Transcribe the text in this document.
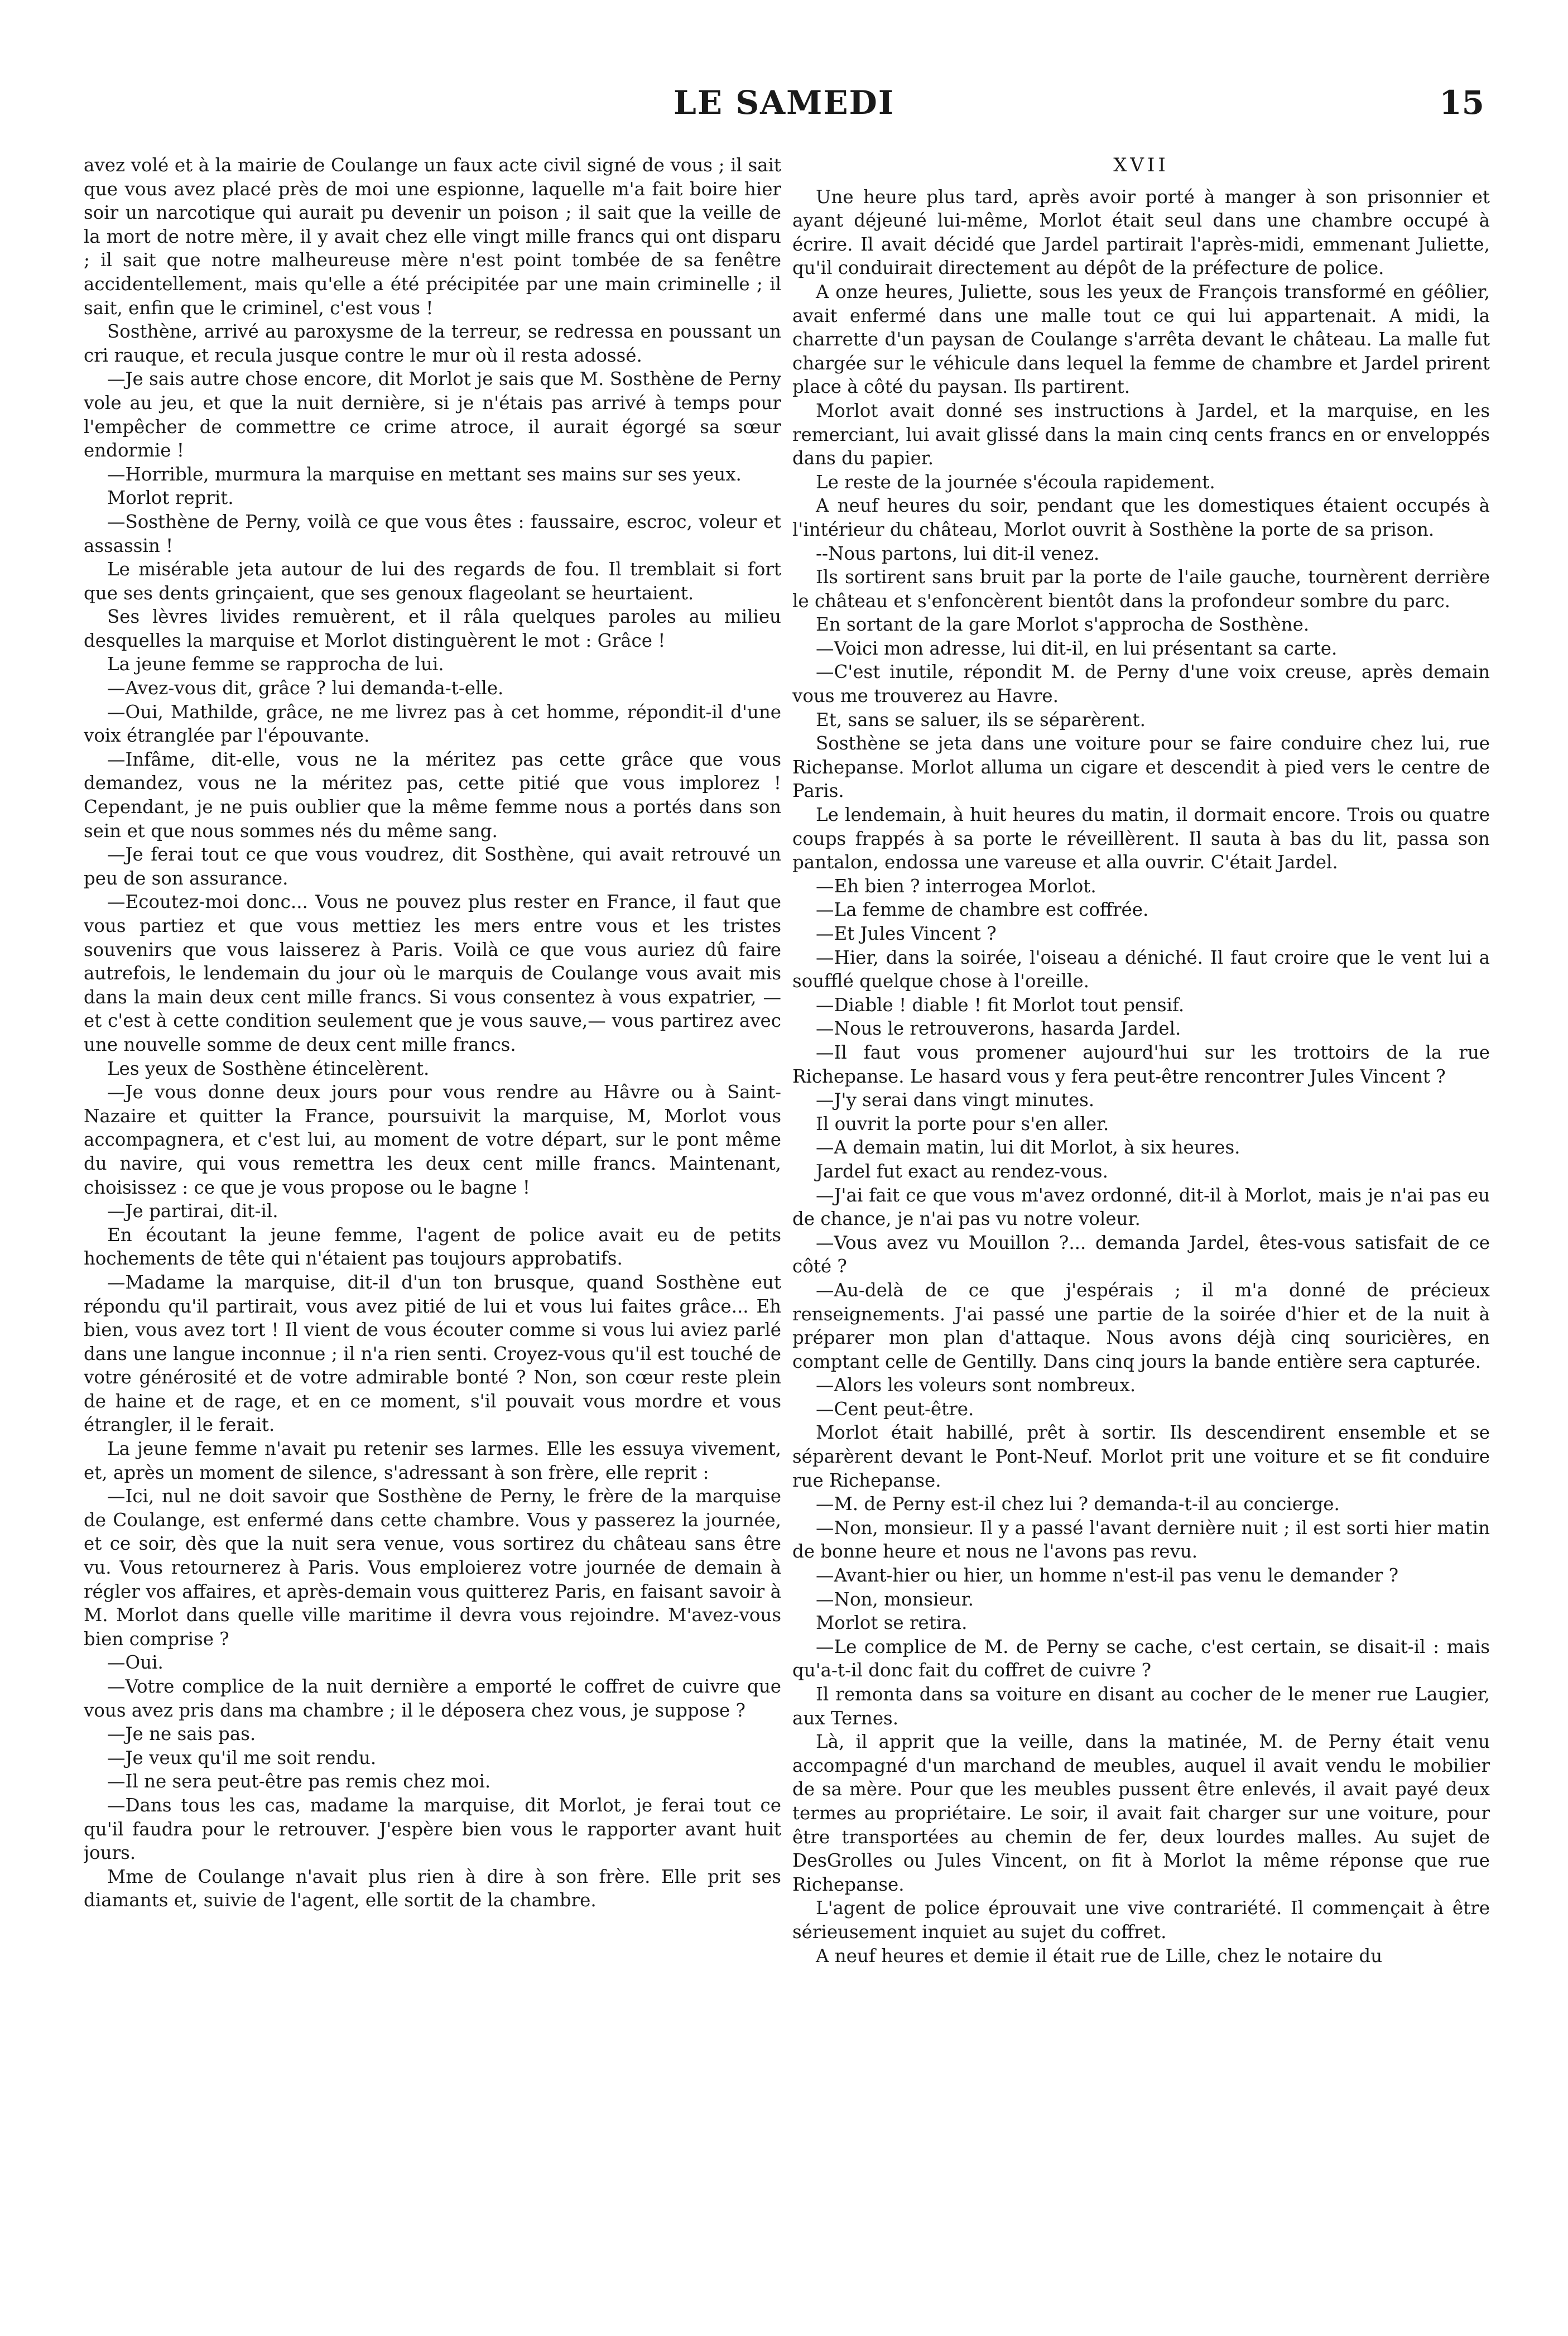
LE SAMEDI	15

avez volé et à la mairie de Coulange un faux acte civil signé de vous ; il sait que vous avez placé près de moi une espionne, laquelle m'a fait boire hier soir un narcotique qui aurait pu devenir un poison ; il sait que la veille de la mort de notre mère, il y avait chez elle vingt mille francs qui ont disparu ; il sait que notre malheureuse mère n'est point tombée de sa fenêtre accidentellement, mais qu'elle a été précipitée par une main criminelle ; il sait, enfin que le criminel, c'est vous !

Sosthène, arrivé au paroxysme de la terreur, se redressa en poussant un cri rauque, et recula jusque contre le mur où il resta adossé.

—Je sais autre chose encore, dit Morlot je sais que M. Sosthène de Perny vole au jeu, et que la nuit dernière, si je n'étais pas arrivé à temps pour l'empêcher de commettre ce crime atroce, il aurait égorgé sa sœur endormie !

—Horrible, murmura la marquise en mettant ses mains sur ses yeux.

Morlot reprit.

—Sosthène de Perny, voilà ce que vous êtes : faussaire, escroc, voleur et assassin !

Le misérable jeta autour de lui des regards de fou. Il tremblait si fort que ses dents grinçaient, que ses genoux flageolant se heurtaient.

Ses lèvres livides remuèrent, et il râla quelques paroles au milieu desquelles la marquise et Morlot distinguèrent le mot : Grâce !

La jeune femme se rapprocha de lui.

—Avez-vous dit, grâce ? lui demanda-t-elle.

—Oui, Mathilde, grâce, ne me livrez pas à cet homme, répondit-il d'une voix étranglée par l'épouvante.

—Infâme, dit-elle, vous ne la méritez pas cette grâce que vous demandez, vous ne la méritez pas, cette pitié que vous implorez ! Cependant, je ne puis oublier que la même femme nous a portés dans son sein et que nous sommes nés du même sang.

—Je ferai tout ce que vous voudrez, dit Sosthène, qui avait retrouvé un peu de son assurance.

—Ecoutez-moi donc... Vous ne pouvez plus rester en France, il faut que vous partiez et que vous mettiez les mers entre vous et les tristes souvenirs que vous laisserez à Paris. Voilà ce que vous auriez dû faire autrefois, le lendemain du jour où le marquis de Coulange vous avait mis dans la main deux cent mille francs. Si vous consentez à vous expatrier, — et c'est à cette condition seulement que je vous sauve,— vous partirez avec une nouvelle somme de deux cent mille francs.

Les yeux de Sosthène étincelèrent.

—Je vous donne deux jours pour vous rendre au Hâvre ou à Saint-Nazaire et quitter la France, poursuivit la marquise, M, Morlot vous accompagnera, et c'est lui, au moment de votre départ, sur le pont même du navire, qui vous remettra les deux cent mille francs. Maintenant, choisissez : ce que je vous propose ou le bagne !

—Je partirai, dit-il.

En écoutant la jeune femme, l'agent de police avait eu de petits hochements de tête qui n'étaient pas toujours approbatifs.

—Madame la marquise, dit-il d'un ton brusque, quand Sosthène eut répondu qu'il partirait, vous avez pitié de lui et vous lui faites grâce... Eh bien, vous avez tort ! Il vient de vous écouter comme si vous lui aviez parlé dans une langue inconnue ; il n'a rien senti. Croyez-vous qu'il est touché de votre générosité et de votre admirable bonté ? Non, son cœur reste plein de haine et de rage, et en ce moment, s'il pouvait vous mordre et vous étrangler, il le ferait.

La jeune femme n'avait pu retenir ses larmes. Elle les essuya vivement, et, après un moment de silence, s'adressant à son frère, elle reprit :

—Ici, nul ne doit savoir que Sosthène de Perny, le frère de la marquise de Coulange, est enfermé dans cette chambre. Vous y passerez la journée, et ce soir, dès que la nuit sera venue, vous sortirez du château sans être vu. Vous retournerez à Paris. Vous emploierez votre journée de demain à régler vos affaires, et après-demain vous quitterez Paris, en faisant savoir à M. Morlot dans quelle ville maritime il devra vous rejoindre. M'avez-vous bien comprise ?

—Oui.

—Votre complice de la nuit dernière a emporté le coffret de cuivre que vous avez pris dans ma chambre ; il le déposera chez vous, je suppose ?

—Je ne sais pas.

—Je veux qu'il me soit rendu.

—Il ne sera peut-être pas remis chez moi.

—Dans tous les cas, madame la marquise, dit Morlot, je ferai tout ce qu'il faudra pour le retrouver. J'espère bien vous le rapporter avant huit jours.

Mme de Coulange n'avait plus rien à dire à son frère. Elle prit ses diamants et, suivie de l'agent, elle sortit de la chambre.

XVII

Une heure plus tard, après avoir porté à manger à son prisonnier et ayant déjeuné lui-même, Morlot était seul dans une chambre occupé à écrire. Il avait décidé que Jardel partirait l'après-midi, emmenant Juliette, qu'il conduirait directement au dépôt de la préfecture de police.

A onze heures, Juliette, sous les yeux de François transformé en géôlier, avait enfermé dans une malle tout ce qui lui appartenait. A midi, la charrette d'un paysan de Coulange s'arrêta devant le château. La malle fut chargée sur le véhicule dans lequel la femme de chambre et Jardel prirent place à côté du paysan. Ils partirent.

Morlot avait donné ses instructions à Jardel, et la marquise, en les remerciant, lui avait glissé dans la main cinq cents francs en or enveloppés dans du papier.

Le reste de la journée s'écoula rapidement.

A neuf heures du soir, pendant que les domestiques étaient occupés à l'intérieur du château, Morlot ouvrit à Sosthène la porte de sa prison.

--Nous partons, lui dit-il venez.

Ils sortirent sans bruit par la porte de l'aile gauche, tournèrent derrière le château et s'enfoncèrent bientôt dans la profondeur sombre du parc.

En sortant de la gare Morlot s'approcha de Sosthène.

—Voici mon adresse, lui dit-il, en lui présentant sa carte.

—C'est inutile, répondit M. de Perny d'une voix creuse, après demain vous me trouverez au Havre.

Et, sans se saluer, ils se séparèrent.

Sosthène se jeta dans une voiture pour se faire conduire chez lui, rue Richepanse. Morlot alluma un cigare et descendit à pied vers le centre de Paris.

Le lendemain, à huit heures du matin, il dormait encore. Trois ou quatre coups frappés à sa porte le réveillèrent. Il sauta à bas du lit, passa son pantalon, endossa une vareuse et alla ouvrir. C'était Jardel.

—Eh bien ? interrogea Morlot.

—La femme de chambre est coffrée.

—Et Jules Vincent ?

—Hier, dans la soirée, l'oiseau a déniché. Il faut croire que le vent lui a soufflé quelque chose à l'oreille.

—Diable ! diable ! fit Morlot tout pensif.

—Nous le retrouverons, hasarda Jardel.

—Il faut vous promener aujourd'hui sur les trottoirs de la rue Richepanse. Le hasard vous y fera peut-être rencontrer Jules Vincent ?

—J'y serai dans vingt minutes.

Il ouvrit la porte pour s'en aller.

—A demain matin, lui dit Morlot, à six heures.

Jardel fut exact au rendez-vous.

—J'ai fait ce que vous m'avez ordonné, dit-il à Morlot, mais je n'ai pas eu de chance, je n'ai pas vu notre voleur.

—Vous avez vu Mouillon ?... demanda Jardel, êtes-vous satisfait de ce côté ?

—Au-delà de ce que j'espérais ; il m'a donné de précieux renseignements. J'ai passé une partie de la soirée d'hier et de la nuit à préparer mon plan d'attaque. Nous avons déjà cinq souricières, en comptant celle de Gentilly. Dans cinq jours la bande entière sera capturée.

—Alors les voleurs sont nombreux.

—Cent peut-être.

Morlot était habillé, prêt à sortir. Ils descendirent ensemble et se séparèrent devant le Pont-Neuf. Morlot prit une voiture et se fit conduire rue Richepanse.

—M. de Perny est-il chez lui ? demanda-t-il au concierge.

—Non, monsieur. Il y a passé l'avant dernière nuit ; il est sorti hier matin de bonne heure et nous ne l'avons pas revu.

—Avant-hier ou hier, un homme n'est-il pas venu le demander ?

—Non, monsieur.

Morlot se retira.

—Le complice de M. de Perny se cache, c'est certain, se disait-il : mais qu'a-t-il donc fait du coffret de cuivre ?

Il remonta dans sa voiture en disant au cocher de le mener rue Laugier, aux Ternes.

Là, il apprit que la veille, dans la matinée, M. de Perny était venu accompagné d'un marchand de meubles, auquel il avait vendu le mobilier de sa mère. Pour que les meubles pussent être enlevés, il avait payé deux termes au propriétaire. Le soir, il avait fait charger sur une voiture, pour être transportées au chemin de fer, deux lourdes malles. Au sujet de DesGrolles ou Jules Vincent, on fit à Morlot la même réponse que rue Richepanse.

L'agent de police éprouvait une vive contrariété. Il commençait à être sérieusement inquiet au sujet du coffret.

A neuf heures et demie il était rue de Lille, chez le notaire du
